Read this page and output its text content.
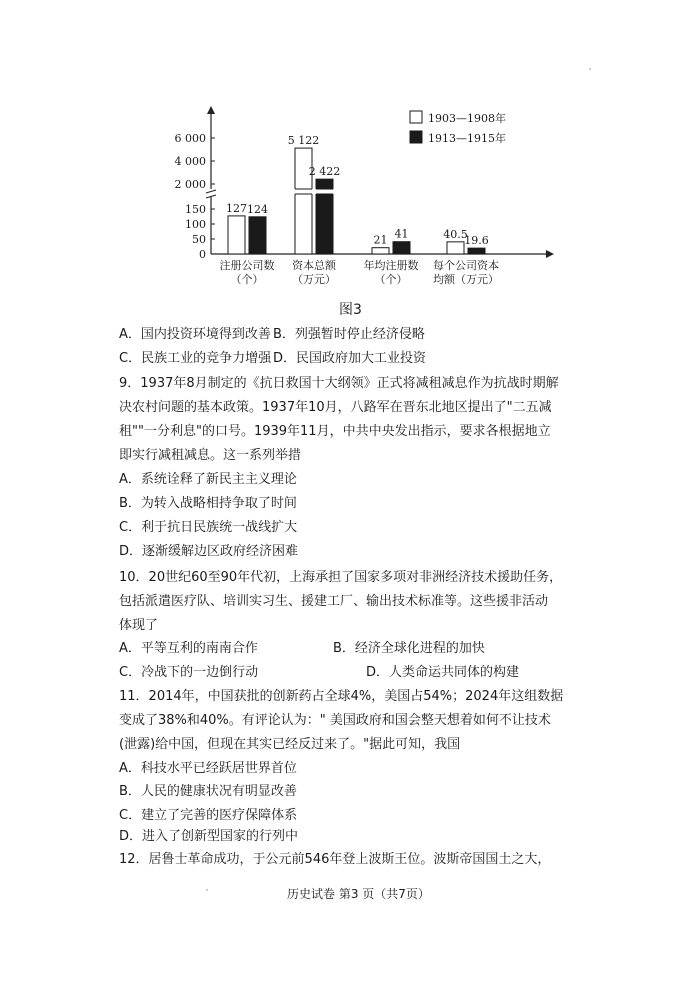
0
50
100
150
2 000
4 000
6 000
127 124
注册公司数
（个）
5 122
2 422
资本总额
（万元）
21 41
年均注册数
（个）
40.5
19.6
每个公司资本
均额（万元）
1903—1908年
1913—1915年
图3
A．国内投资环境得到改善 B．列强暂时停止经济侵略
C．民族工业的竞争力增强 D．民国政府加大工业投资
9．1937年8月制定的《抗日救国十大纲领》正式将减租减息作为抗战时期解
决农村问题的基本政策。1937年10月，八路军在晋东北地区提出了"二五减
租""一分利息"的口号。1939年11月，中共中央发出指示，要求各根据地立
即实行减租减息。这一系列举措
A．系统诠释了新民主主义理论
B．为转入战略相持争取了时间
C．利于抗日民族统一战线扩大
D．逐渐缓解边区政府经济困难
10．20世纪60至90年代初，上海承担了国家多项对非洲经济技术援助任务，
包括派遣医疗队、培训实习生、援建工厂、输出技术标准等。这些援非活动
体现了
A．平等互利的南南合作	B．经济全球化进程的加快
C．冷战下的一边倒行动	D．人类命运共同体的构建
11．2014年，中国获批的创新药占全球4%，美国占54%；2024年这组数据
变成了38%和40%。有评论认为：" 美国政府和国会整天想着如何不让技术
(泄露)给中国，但现在其实已经反过来了。"据此可知，我国
A．科技水平已经跃居世界首位
B．人民的健康状况有明显改善
C．建立了完善的医疗保障体系
D．进入了创新型国家的行列中
12．居鲁士革命成功，于公元前546年登上波斯王位。波斯帝国国土之大，
历史试卷 第3 页（共7页）
